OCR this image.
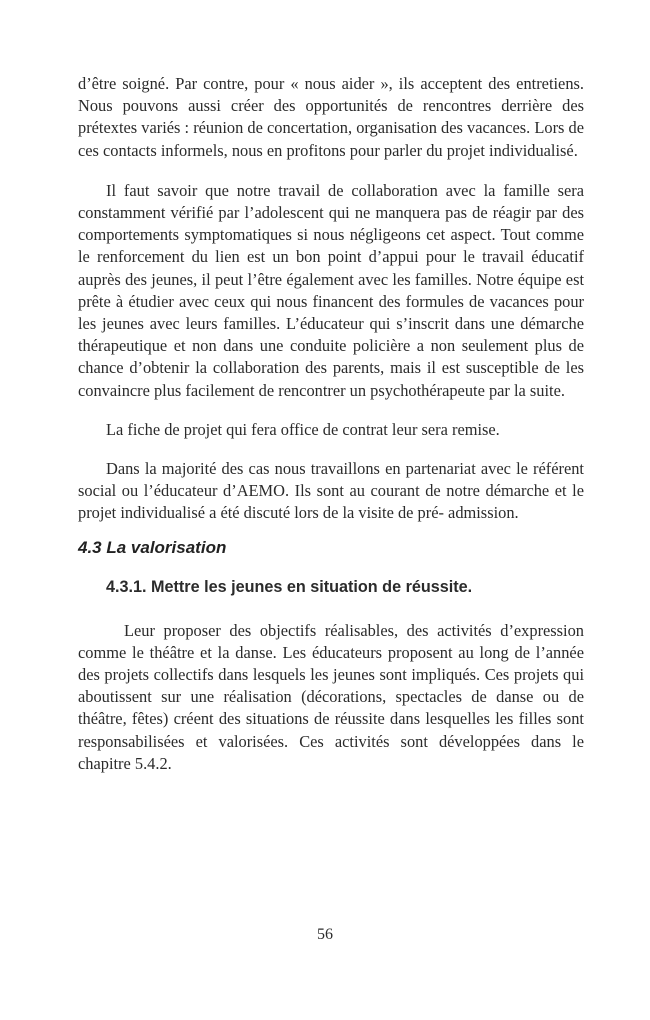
d’être soigné. Par contre, pour « nous aider », ils acceptent des entretiens. Nous pouvons aussi créer des opportunités de rencontres derrière des prétextes variés : réunion de concertation, organisation des vacances. Lors de ces contacts informels, nous en profitons pour parler du projet individualisé.

Il faut savoir que notre travail de collaboration avec la famille sera constamment vérifié par l’adolescent qui ne manquera pas de réagir par des comportements symptomatiques si nous négligeons cet aspect. Tout comme le renforcement du lien est un bon point d’appui pour le travail éducatif auprès des jeunes, il peut l’être également avec les familles. Notre équipe est prête à étudier avec ceux qui nous financent des formules de vacances pour les jeunes avec leurs familles. L’éducateur qui s’inscrit dans une démarche thérapeutique et non dans une conduite policière a non seulement plus de chance d’obtenir la collaboration des parents, mais il est susceptible de les convaincre plus facilement de rencontrer un psychothérapeute par la suite.

La fiche de projet qui fera office de contrat leur sera remise.

Dans la majorité des cas nous travaillons en partenariat avec le référent social ou l’éducateur d’AEMO. Ils sont au courant de notre démarche et le projet individualisé a été discuté lors de la visite de pré- admission.

4.3 La valorisation
4.3.1. Mettre les jeunes en situation de réussite.

Leur proposer des objectifs réalisables, des activités d’expression comme le théâtre et la danse. Les éducateurs proposent au long de l’année des projets collectifs dans lesquels les jeunes sont impliqués. Ces projets qui aboutissent sur une réalisation (décorations, spectacles de danse ou de théâtre, fêtes) créent des situations de réussite dans lesquelles les filles sont responsabilisées et valorisées. Ces activités sont développées dans le chapitre 5.4.2.

56
